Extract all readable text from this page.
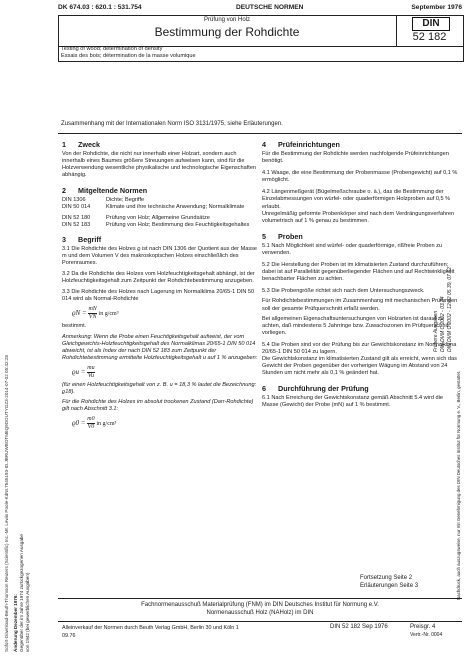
DK 674.03 : 620.1 : 531.754	DEUTSCHE NORMEN	September 1976
Prüfung von Holz
Bestimmung der Rohdichte
DIN
52 182
Testing of wood; determination of density
Essais des bois; détermination de la masse volumique
Zusammenhang mit der Internationalen Norm ISO 3131/1975, siehe Erläuterungen.
1 Zweck
Von der Rohdichte, die nicht nur innerhalb einer Holzart, sondern auch innerhalb eines Baumes größere Streuungen aufweisen kann, sind für die Holzverwendung wesentliche physikalische und technologische Eigenschaften abhängig.
2 Mitgeltende Normen
DIN 1306	Dichte; Begriffe
DIN 50 014	Klimate und ihre technische Anwendung; Normalklimate
DIN 52 180	Prüfung von Holz; Allgemeine Grundsätze
DIN 52 183	Prüfung von Holz; Bestimmung des Feuchtigkeitsgehaltes
3 Begriff
3.1 Die Rohdichte des Holzes ϱ ist nach DIN 1306 der Quotient aus der Masse m und dem Volumen V des makroskopischen Holzes einschließlich des Porenraumes.
3.2 Da die Rohdichte des Holzes vom Holzfeuchtigkeitsgehalt abhängt, ist der Holzfeuchtigkeitsgehalt zum Zeitpunkt der Rohdichtebestimmung anzugeben.
3.3 Die Rohdichte des Holzes nach Lagerung im Normalklima 20/65-1 DIN 50 014 wird als Normal-Rohdichte
$ϱN = \frac{mN}{VN}$ in g/cm³
bestimmt.
Anmerkung: Wenn die Probe einen Feuchtigkeitsgehalt aufweist, der vom Gleichgewichts-Holzfeuchtigkeitsgehalt des Normalklimas 20/65-1 DIN 50 014 abweicht, ist als Index der nach DIN 52 183 zum Zeitpunkt der Rohdichtebestimmung ermittelte Holzfeuchtigkeitsgehalt u auf 1 % anzugeben:
$ϱu = \frac{mu}{Vu}$
(für einen Holzfeuchtigkeitsgehalt von z. B. u = 18,3 % lautet die Bezeichnung: ϱ18).
Für die Rohdichte des Holzes im absolut trockenen Zustand (Darr-Rohdichte) gilt nach Abschnitt 3.1:
$ϱ0 = \frac{m0}{V0}$ in g/cm³
4 Prüfeinrichtungen
Für die Bestimmung der Rohdichte werden nachfolgende Prüfeinrichtungen benötigt.
4.1 Waage, die eine Bestimmung der Probenmasse (Probengewicht) auf 0,1 % ermöglicht.
4.2 Längenmeßgerät (Bügelmeßschraube o. ä.), das die Bestimmung der Einzelabmessungen von würfel- oder quaderförmigen Holzproben auf 0,5 % erlaubt.
Unregelmäßig geformte Probenkörper sind nach dem Verdrängungsverfahren volumetrisch auf 1 % genau zu bestimmen.
5 Proben
5.1 Nach Möglichkeit sind würfel- oder quaderförmige, rißfreie Proben zu verwenden.
5.2 Die Herstellung der Proben ist im klimatisierten Zustand durchzuführen; dabei ist auf Parallelität gegenüberliegender Flächen und auf Rechtwinkligkeit benachbarter Flächen zu achten.
5.3 Die Probengröße richtet sich nach dem Untersuchungszweck.
Für Rohdichtebestimmungen im Zusammenhang mit mechanischen Prüfungen soll der gesamte Prüfquerschnitt erfaßt werden.
Bei allgemeinen Eigenschaftsuntersuchungen von Holzarten ist darauf zu achten, daß mindestens 5 Jahrringe bzw. Zuwachszonen im Prüfquerschnitt vorliegen.
5.4 Die Proben sind vor der Prüfung bis zur Gewichtskonstanz im Normalklima 20/65-1 DIN 50 014 zu lagern.
Die Gewichtskonstanz im klimatisierten Zustand gilt als erreicht, wenn sich das Gewicht der Proben gegenüber der vorherigen Wägung im Abstand von 24 Stunden um nicht mehr als 0,1 % geändert hat.
6 Durchführung der Prüfung
6.1 Nach Erreichung der Gewichtskonstanz gemäß Abschnitt 5.4 wird die Masse (Gewicht) der Probe (mN) auf 1 % bestimmt.
Fortsetzung Seite 2
Erläuterungen Seite 3
Fachnormenausschuß Materialprüfung (FNM) im DIN Deutsches Institut für Normung e.V.
Normenausschuß Holz (NAHolz) im DIN
Alleinverkauf der Normen durch Beuth Verlag GmbH, Berlin 30 und Köln 1
09.76
DIN 52 182 Sep 1976	Preisgr. 4
Vertr.-Nr. 0004
Sofort-Download-Beuth-Thomson Reuters (Scientific) Inc.-Mr. Lewis Poole-KdNr.7545193-ID.JBRUWBOTM6Q9DOUTYGZ3-2014-07-02 05:42:28 Änderung Dezember 1976: Gegenüber der im Jahre 1974 zurückgezogenen Ausgabe von 1942 (bei gewerblichen Ausgaben)
Frühere Ausgaben DIN DVM C 2002 - 03.34 DIN DVM C 2002 - 12.42 05.39, 07.52
Nachdruck, auch auszugsweise, nur mit Genehmigung des DIN Deutsches Institut für Normung e. V., Berlin, gestattet.
